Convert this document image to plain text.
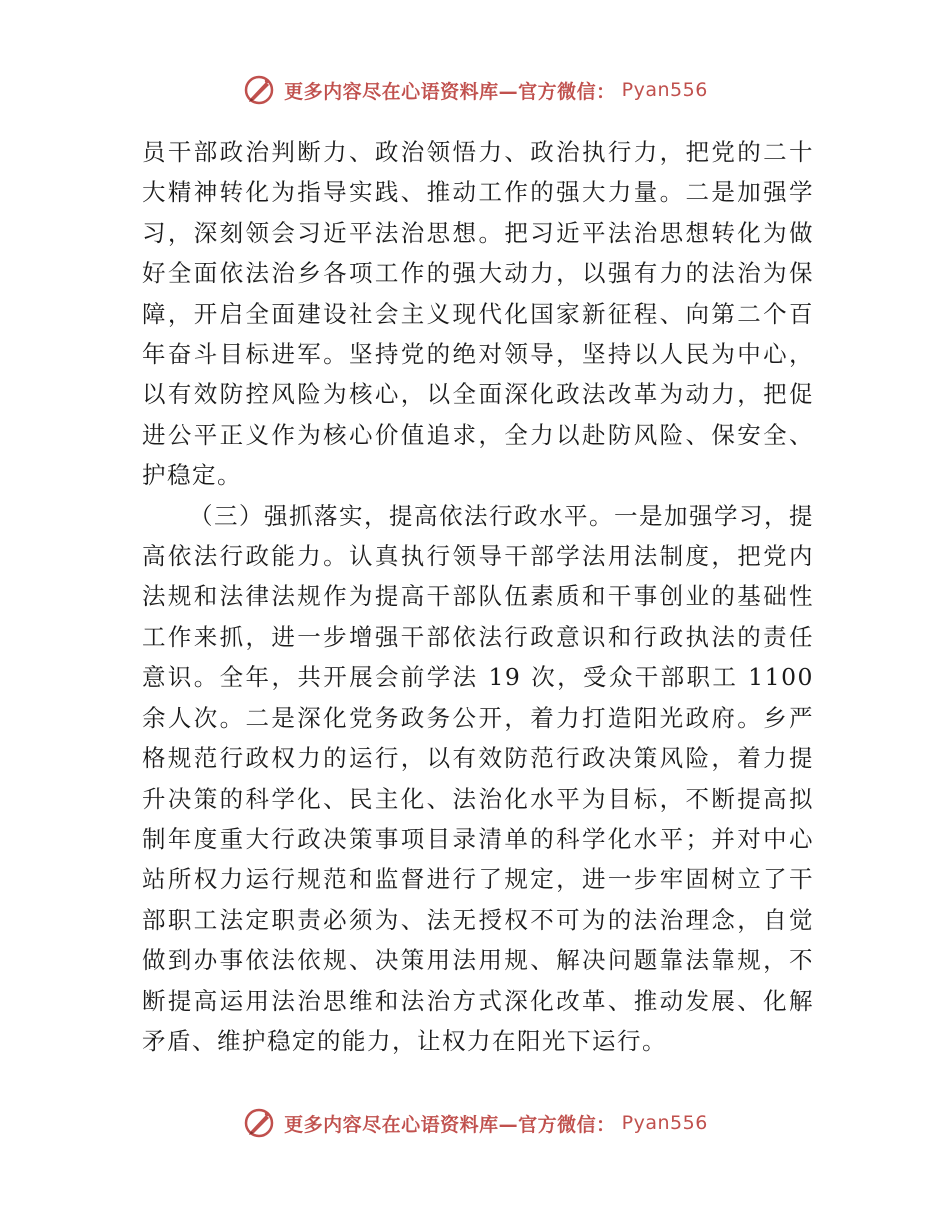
更多内容尽在心语资料库—官方微信： Pyan556

员干部政治判断力、政治领悟力、政治执行力，把党的二十大精神转化为指导实践、推动工作的强大力量。二是加强学习，深刻领会习近平法治思想。把习近平法治思想转化为做好全面依法治乡各项工作的强大动力，以强有力的法治为保障，开启全面建设社会主义现代化国家新征程、向第二个百年奋斗目标进军。坚持党的绝对领导，坚持以人民为中心，以有效防控风险为核心，以全面深化政法改革为动力，把促进公平正义作为核心价值追求，全力以赴防风险、保安全、护稳定。

（三）强抓落实，提高依法行政水平。一是加强学习，提高依法行政能力。认真执行领导干部学法用法制度，把党内法规和法律法规作为提高干部队伍素质和干事创业的基础性工作来抓，进一步增强干部依法行政意识和行政执法的责任意识。全年，共开展会前学法 19 次，受众干部职工 1100 余人次。二是深化党务政务公开，着力打造阳光政府。乡严格规范行政权力的运行，以有效防范行政决策风险，着力提升决策的科学化、民主化、法治化水平为目标，不断提高拟制年度重大行政决策事项目录清单的科学化水平；并对中心站所权力运行规范和监督进行了规定，进一步牢固树立了干部职工法定职责必须为、法无授权不可为的法治理念，自觉做到办事依法依规、决策用法用规、解决问题靠法靠规，不断提高运用法治思维和法治方式深化改革、推动发展、化解矛盾、维护稳定的能力，让权力在阳光下运行。

更多内容尽在心语资料库—官方微信： Pyan556
